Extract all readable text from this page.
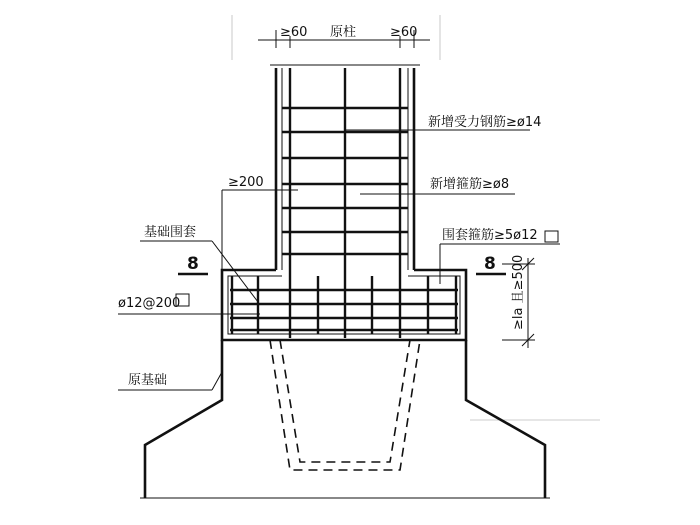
≥60 原柱	≥60
新增受力钢筋≥ø14
≥200	新增箍筋≥ø8
基础围套	围套箍筋≥5ø12
8	8
ø12@200	≥la 且≥500
原基础
